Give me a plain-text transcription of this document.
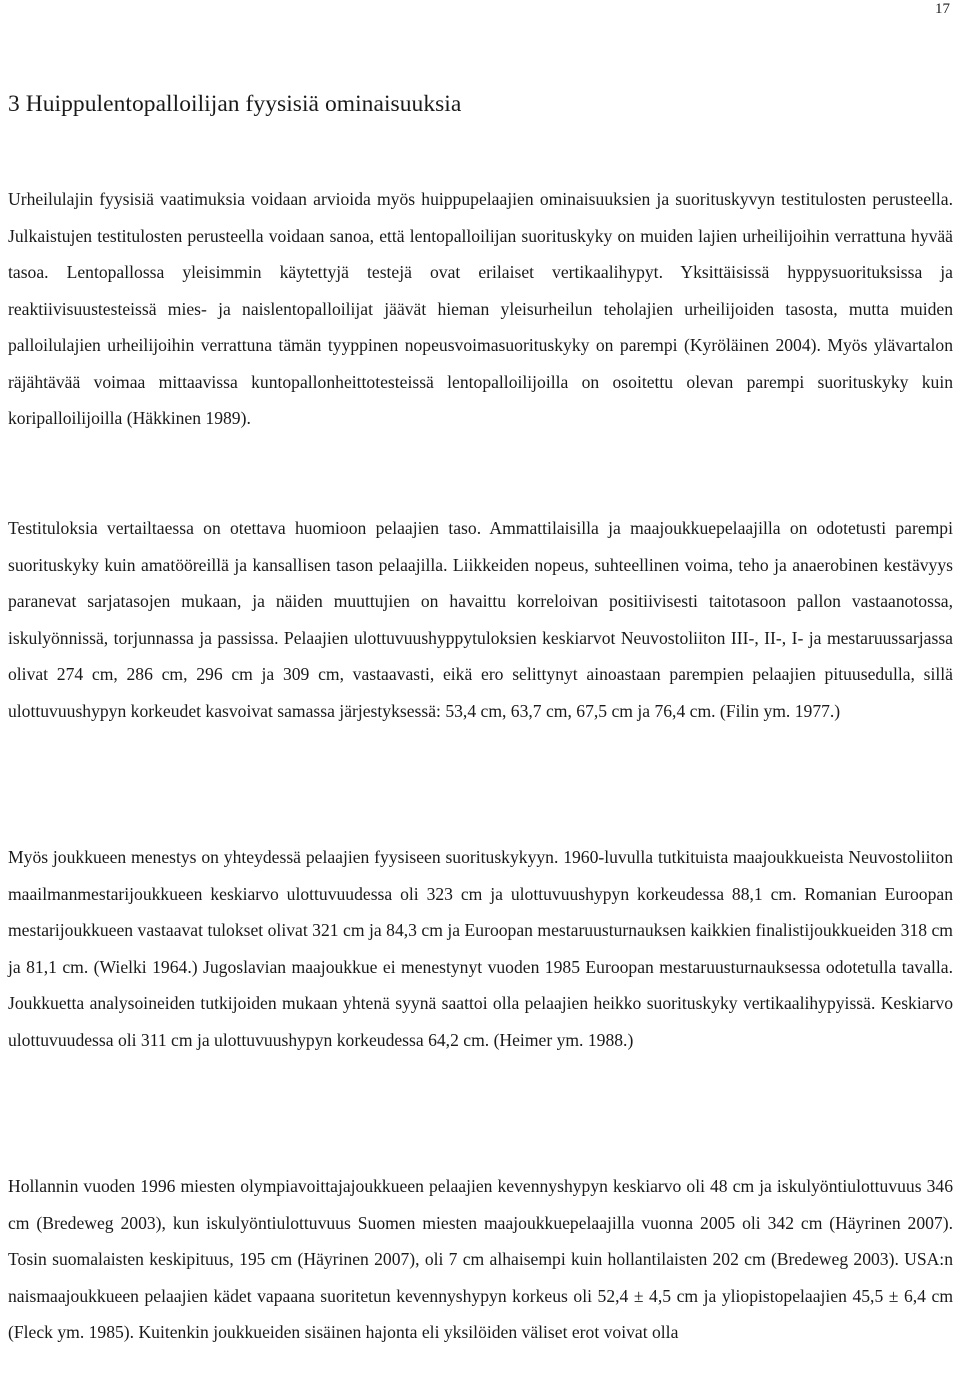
17
3 Huippulentopalloilijan fyysisiä ominaisuuksia

Urheilulajin fyysisiä vaatimuksia voidaan arvioida myös huippupelaajien ominaisuuksien ja suorituskyvyn testitulosten perusteella. Julkaistujen testitulosten perusteella voidaan sanoa, että lentopalloilijan suorituskyky on muiden lajien urheilijoihin verrattuna hyvää tasoa. Lentopallossa yleisimmin käytettyjä testejä ovat erilaiset vertikaalihypyt. Yksittäisissä hyppysuorituksissa ja reaktiivisuustesteissä mies- ja naislentopalloilijat jäävät hieman yleisurheilun teholajien urheilijoiden tasosta, mutta muiden palloilulajien urheilijoihin verrattuna tämän tyyppinen nopeusvoimasuorituskyky on parempi (Kyröläinen 2004). Myös ylävartalon räjähtävää voimaa mittaavissa kuntopallonheittotesteissä lentopalloilijoilla on osoitettu olevan parempi suorituskyky kuin koripalloilijoilla (Häkkinen 1989).

Testituloksia vertailtaessa on otettava huomioon pelaajien taso. Ammattilaisilla ja maajoukkuepelaajilla on odotetusti parempi suorituskyky kuin amatööreillä ja kansallisen tason pelaajilla. Liikkeiden nopeus, suhteellinen voima, teho ja anaerobinen kestävyys paranevat sarjatasojen mukaan, ja näiden muuttujien on havaittu korreloivan positiivisesti taitotasoon pallon vastaanotossa, iskulyönnissä, torjunnassa ja passissa. Pelaajien ulottuvuushyppytuloksien keskiarvot Neuvostoliiton III-, II-, I- ja mestaruussarjassa olivat 274 cm, 286 cm, 296 cm ja 309 cm, vastaavasti, eikä ero selittynyt ainoastaan parempien pelaajien pituusedulla, sillä ulottuvuushypyn korkeudet kasvoivat samassa järjestyksessä: 53,4 cm, 63,7 cm, 67,5 cm ja 76,4 cm. (Filin ym. 1977.)

Myös joukkueen menestys on yhteydessä pelaajien fyysiseen suorituskykyyn. 1960-luvulla tutkituista maajoukkueista Neuvostoliiton maailmanmestarijoukkueen keskiarvo ulottuvuudessa oli 323 cm ja ulottuvuushypyn korkeudessa 88,1 cm. Romanian Euroopan mestarijoukkueen vastaavat tulokset olivat 321 cm ja 84,3 cm ja Euroopan mestaruusturnauksen kaikkien finalistijoukkueiden 318 cm ja 81,1 cm. (Wielki 1964.) Jugoslavian maajoukkue ei menestynyt vuoden 1985 Euroopan mestaruusturnauksessa odotetulla tavalla. Joukkuetta analysoineiden tutkijoiden mukaan yhtenä syynä saattoi olla pelaajien heikko suorituskyky vertikaalihypyissä. Keskiarvo ulottuvuudessa oli 311 cm ja ulottuvuushypyn korkeudessa 64,2 cm. (Heimer ym. 1988.)

Hollannin vuoden 1996 miesten olympiavoittajajoukkueen pelaajien kevennyshypyn keskiarvo oli 48 cm ja iskulyöntiulottuvuus 346 cm (Bredeweg 2003), kun iskulyöntiulottuvuus Suomen miesten maajoukkuepelaajilla vuonna 2005 oli 342 cm (Häyrinen 2007). Tosin suomalaisten keskipituus, 195 cm (Häyrinen 2007), oli 7 cm alhaisempi kuin hollantilaisten 202 cm (Bredeweg 2003). USA:n naismaajoukkueen pelaajien kädet vapaana suoritetun kevennyshypyn korkeus oli 52,4 ± 4,5 cm ja yliopistopelaajien 45,5 ± 6,4 cm (Fleck ym. 1985). Kuitenkin joukkueiden sisäinen hajonta eli yksilöiden väliset erot voivat olla
